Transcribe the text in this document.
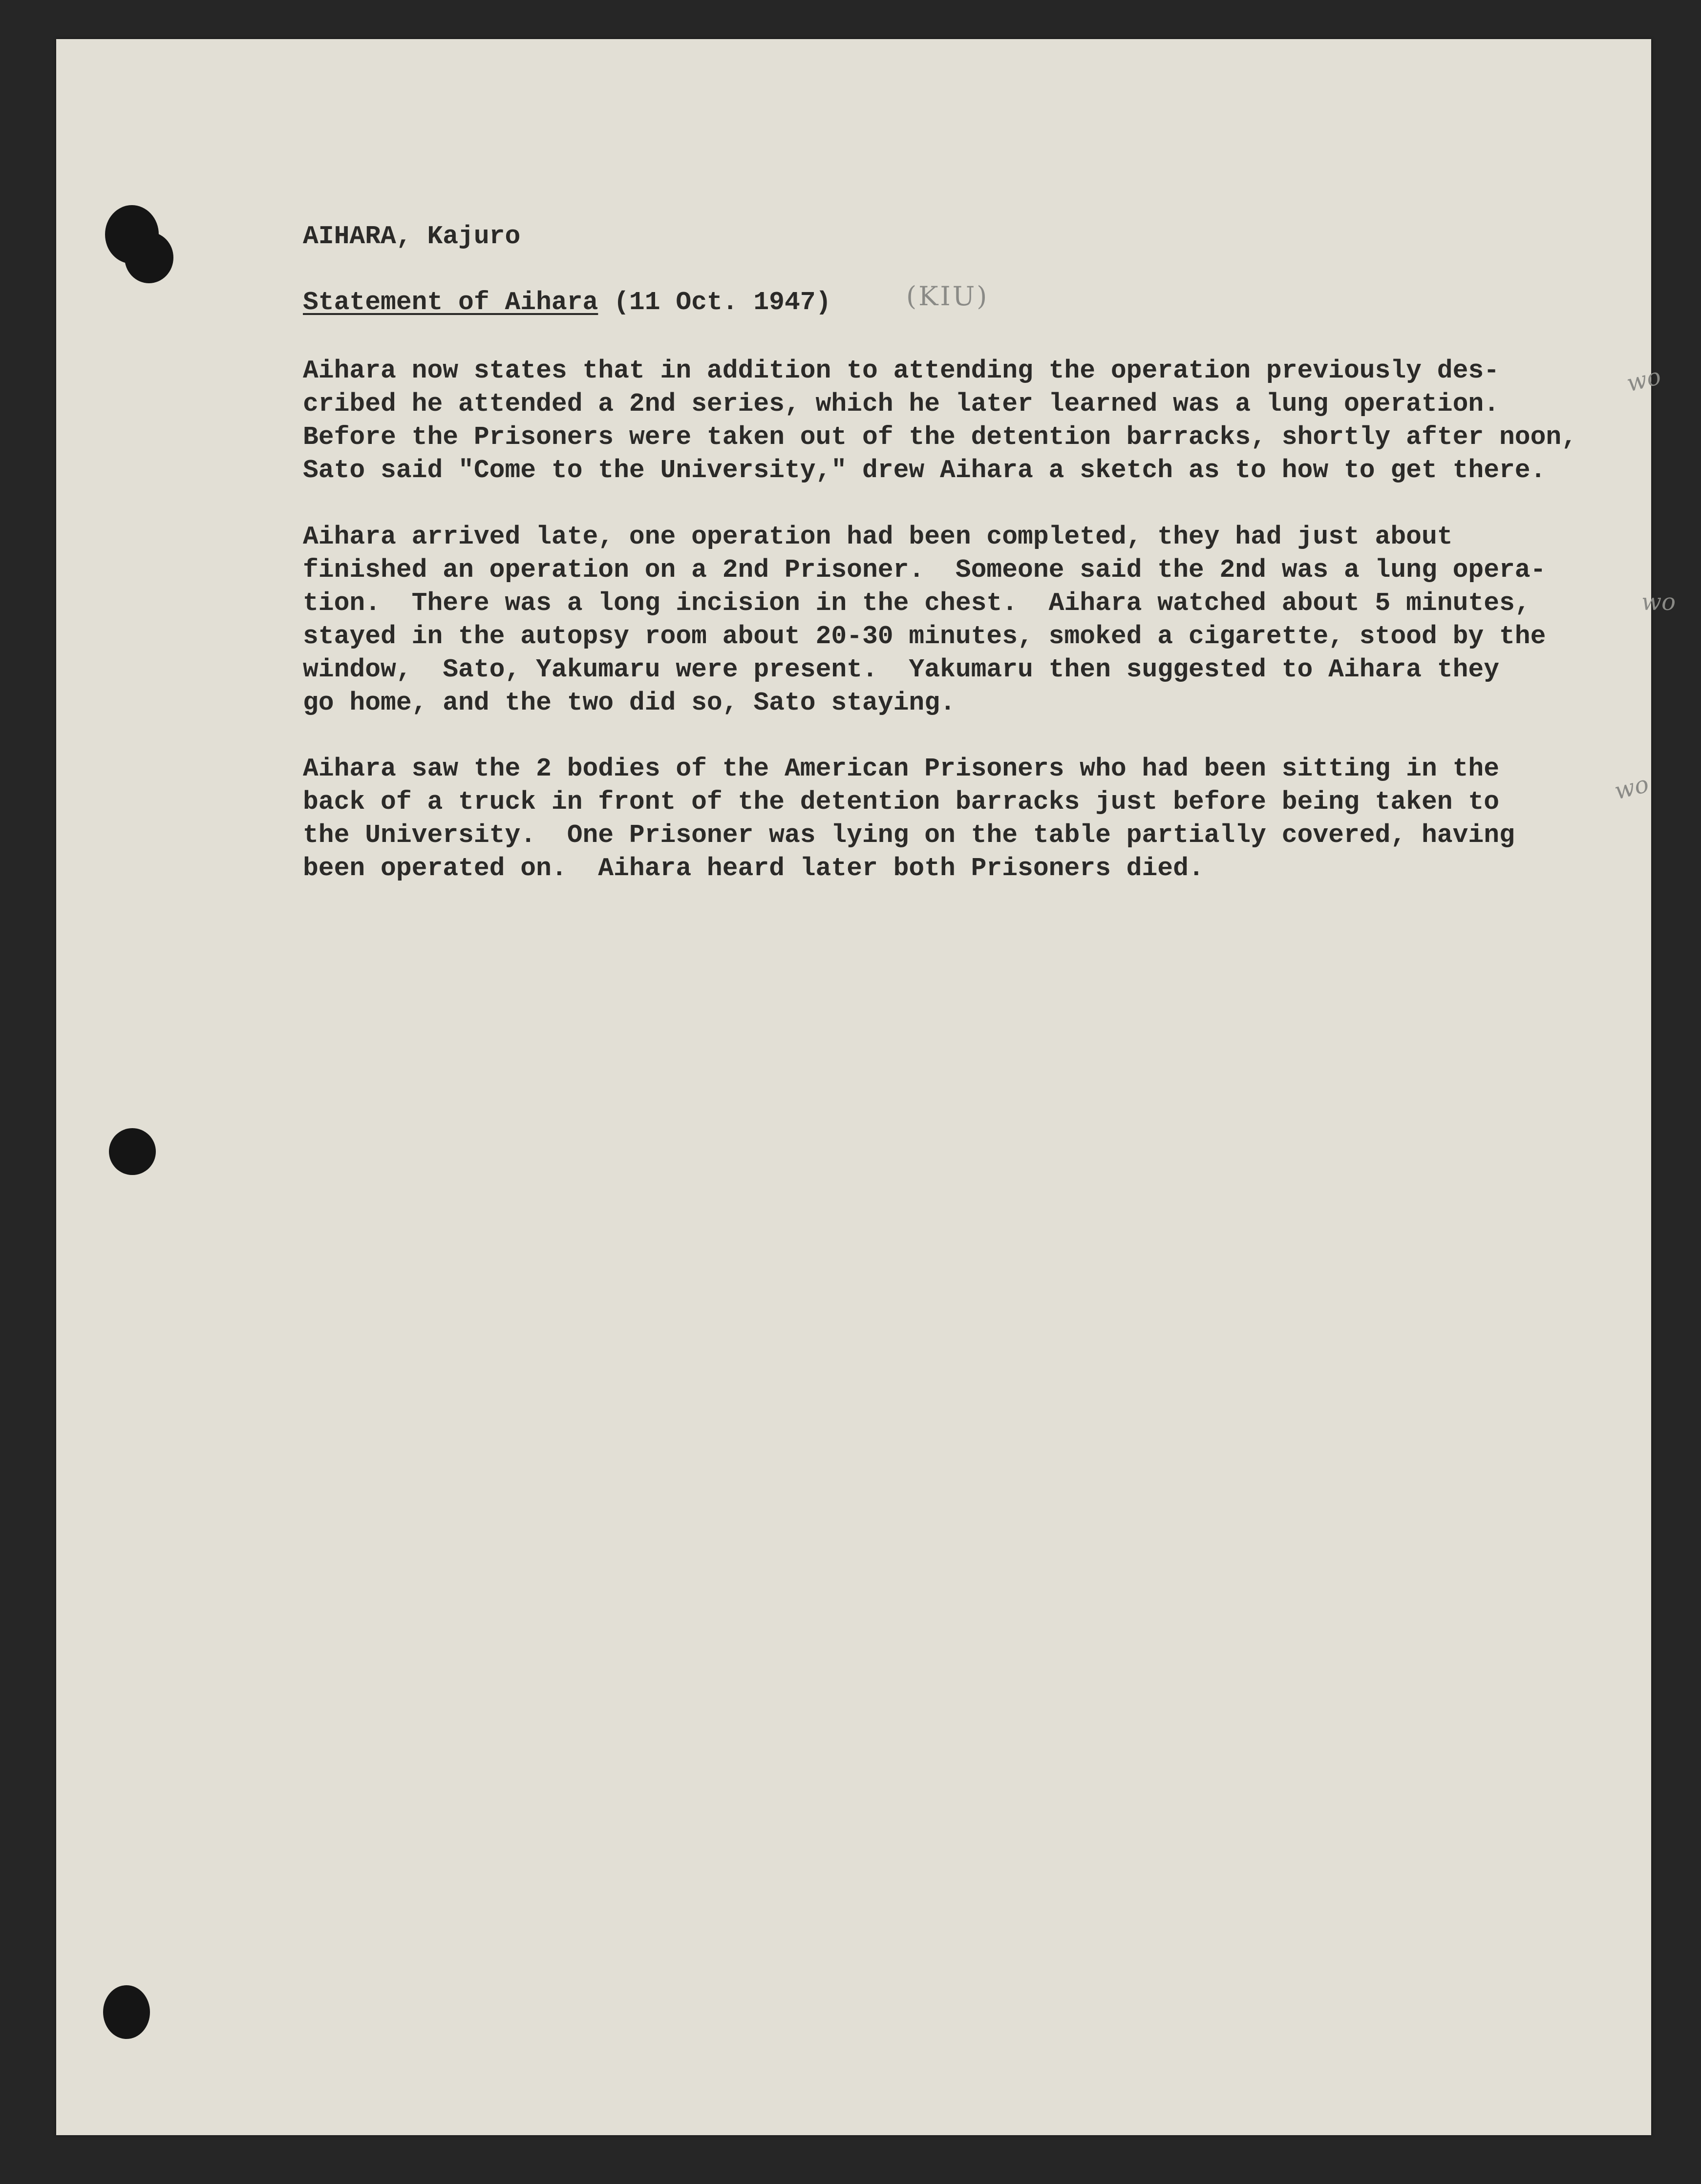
AIHARA, Kajuro

Statement of Aihara (11 Oct. 1947)	(KIU)

Aihara now states that in addition to attending the operation previously des-
cribed he attended a 2nd series, which he later learned was a lung operation.
Before the Prisoners were taken out of the detention barracks, shortly after noon,
Sato said "Come to the University," drew Aihara a sketch as to how to get there.

Aihara arrived late, one operation had been completed, they had just about
finished an operation on a 2nd Prisoner.  Someone said the 2nd was a lung opera-
tion.  There was a long incision in the chest.  Aihara watched about 5 minutes,
stayed in the autopsy room about 20-30 minutes, smoked a cigarette, stood by the
window,  Sato, Yakumaru were present.  Yakumaru then suggested to Aihara they
go home, and the two did so, Sato staying.

Aihara saw the 2 bodies of the American Prisoners who had been sitting in the
back of a truck in front of the detention barracks just before being taken to
the University.  One Prisoner was lying on the table partially covered, having
been operated on.  Aihara heard later both Prisoners died.

wo
wo
wo
